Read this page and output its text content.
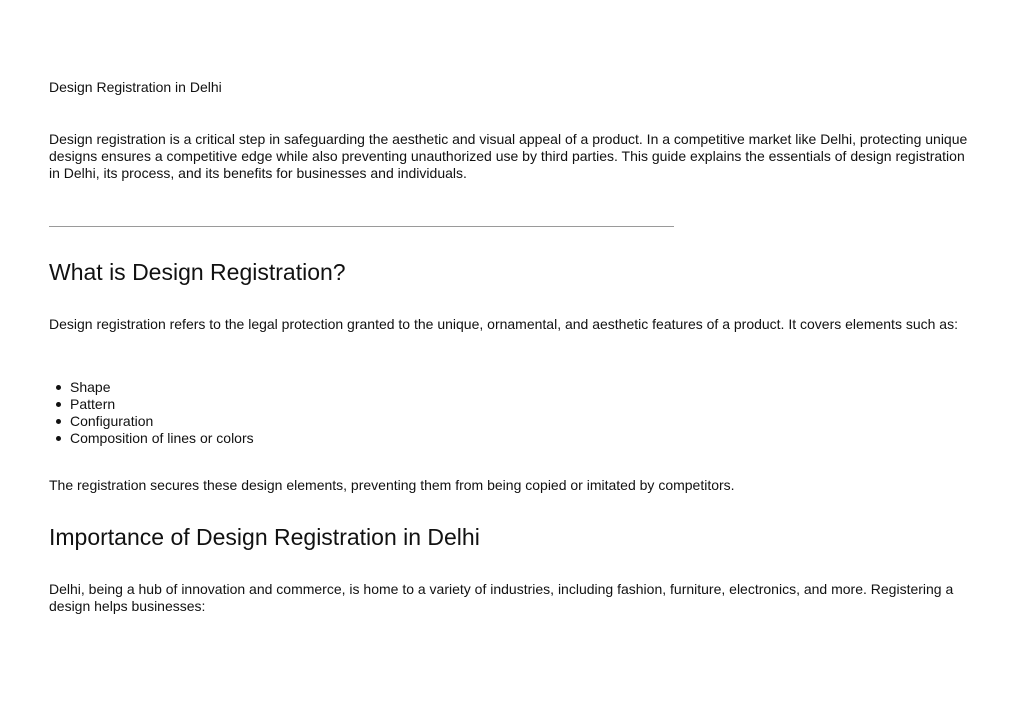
Design Registration in Delhi

Design registration is a critical step in safeguarding the aesthetic and visual appeal of a product. In a competitive market like Delhi, protecting unique designs ensures a competitive edge while also preventing unauthorized use by third parties. This guide explains the essentials of design registration in Delhi, its process, and its benefits for businesses and individuals.

What is Design Registration?

Design registration refers to the legal protection granted to the unique, ornamental, and aesthetic features of a product. It covers elements such as:

Shape
Pattern
Configuration
Composition of lines or colors

The registration secures these design elements, preventing them from being copied or imitated by competitors.

Importance of Design Registration in Delhi

Delhi, being a hub of innovation and commerce, is home to a variety of industries, including fashion, furniture, electronics, and more. Registering a design helps businesses:
